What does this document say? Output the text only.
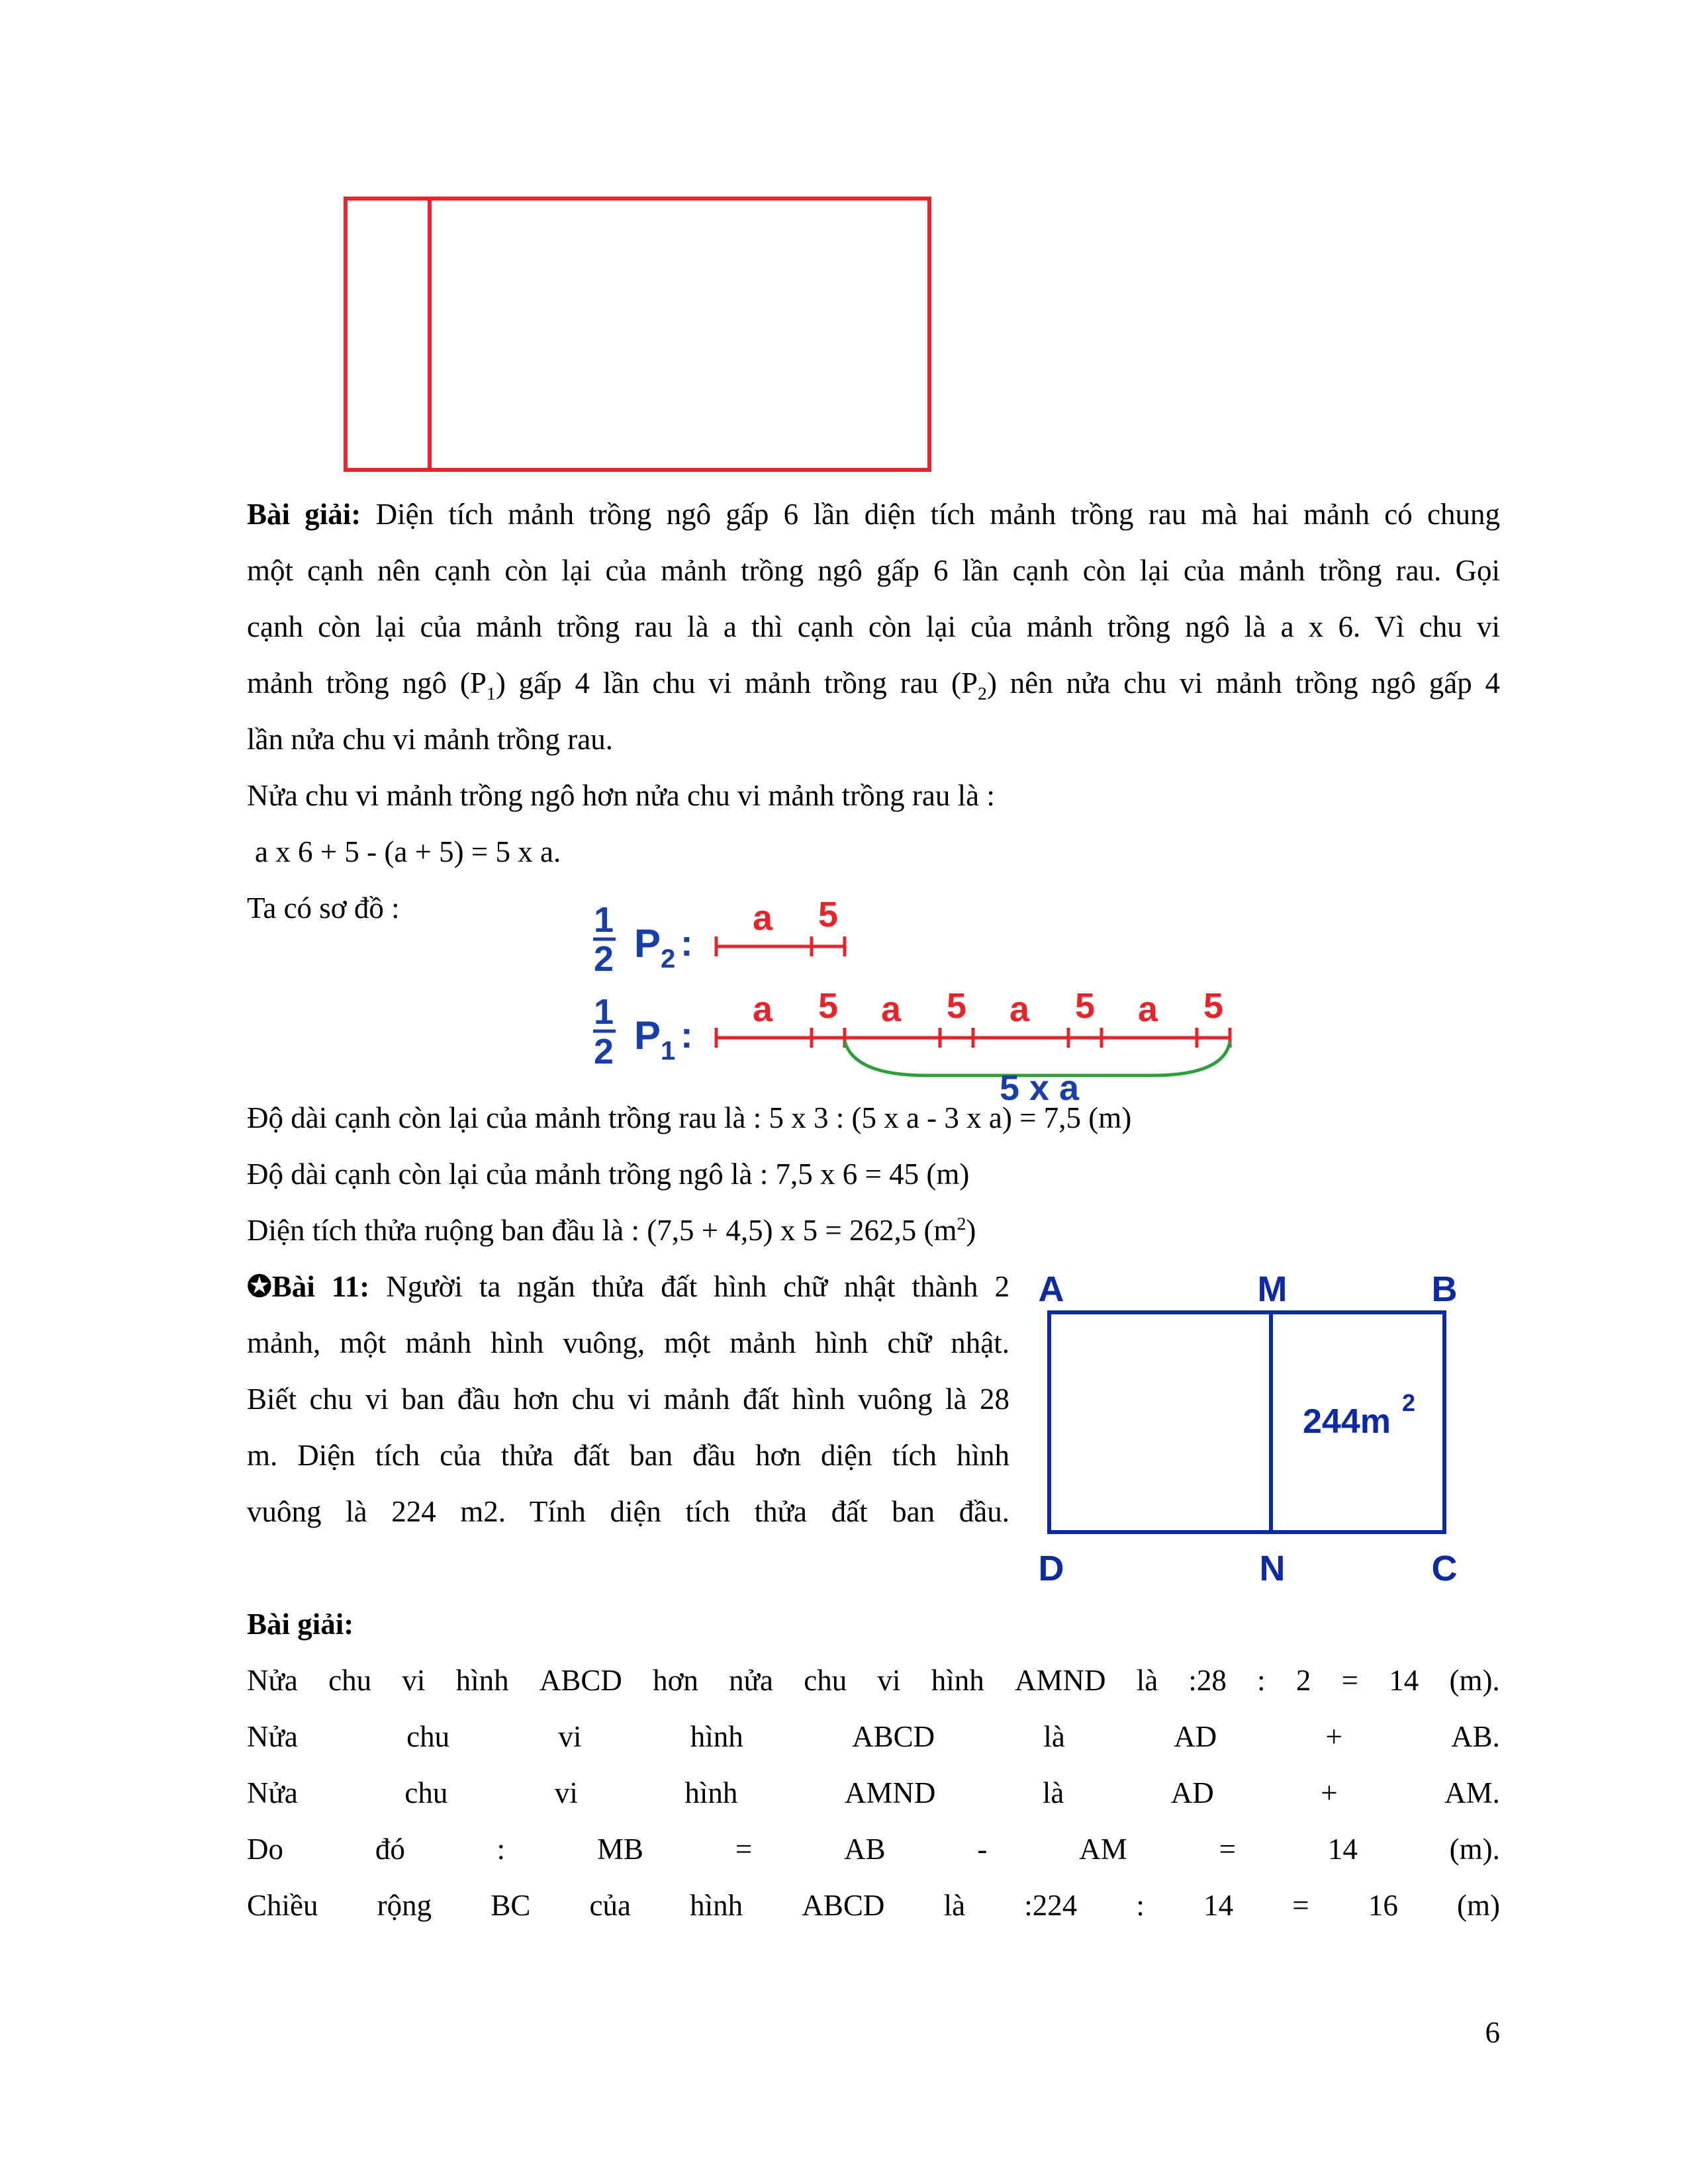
Bài giải: Diện tích mảnh trồng ngô gấp 6 lần diện tích mảnh trồng rau mà hai mảnh có chung
một cạnh nên cạnh còn lại của mảnh trồng ngô gấp 6 lần cạnh còn lại của mảnh trồng rau. Gọi
cạnh còn lại của mảnh trồng rau là a thì cạnh còn lại của mảnh trồng ngô là a x 6. Vì chu vi
mảnh trồng ngô $(P_1)$ gấp 4 lần chu vi mảnh trồng rau $(P_2)$ nên nửa chu vi mảnh trồng ngô gấp 4
lần nửa chu vi mảnh trồng rau.
Nửa chu vi mảnh trồng ngô hơn nửa chu vi mảnh trồng rau là :
a x 6 + 5 - (a + 5) = 5 x a.
Ta có sơ đồ :	1
2 P 2 :
a 5
1
2 P 1 :
a 5 a 5 a 5 a 5
5 x a
Độ dài cạnh còn lại của mảnh trồng rau là : 5 x 3 : (5 x a - 3 x a) = 7,5 (m)
Độ dài cạnh còn lại của mảnh trồng ngô là : 7,5 x 6 = 45 (m)
Diện tích thửa ruộng ban đầu là : (7,5 + 4,5) x 5 = 262,5 $(m^2)$
✪Bài 11: Người ta ngăn thửa đất hình chữ nhật thành 2
mảnh, một mảnh hình vuông, một mảnh hình chữ nhật.
Biết chu vi ban đầu hơn chu vi mảnh đất hình vuông là 28
m. Diện tích của thửa đất ban đầu hơn diện tích hình
vuông là 224 m2. Tính diện tích thửa đất ban đầu.
A	M	B
D	N	C
244m 2
Bài giải:
Nửa chu vi hình ABCD hơn nửa chu vi hình AMND là :28 : 2 = 14 (m).
Nửa	chu	vi	hình	ABCD	là	AD	+	AB.
Nửa	chu	vi	hình	AMND	là	AD	+	AM.
Do	đó	:	MB	=	AB	-	AM	=	14	(m).
Chiều rộng BC của hình ABCD là :224 : 14 = 16 (m)
6
